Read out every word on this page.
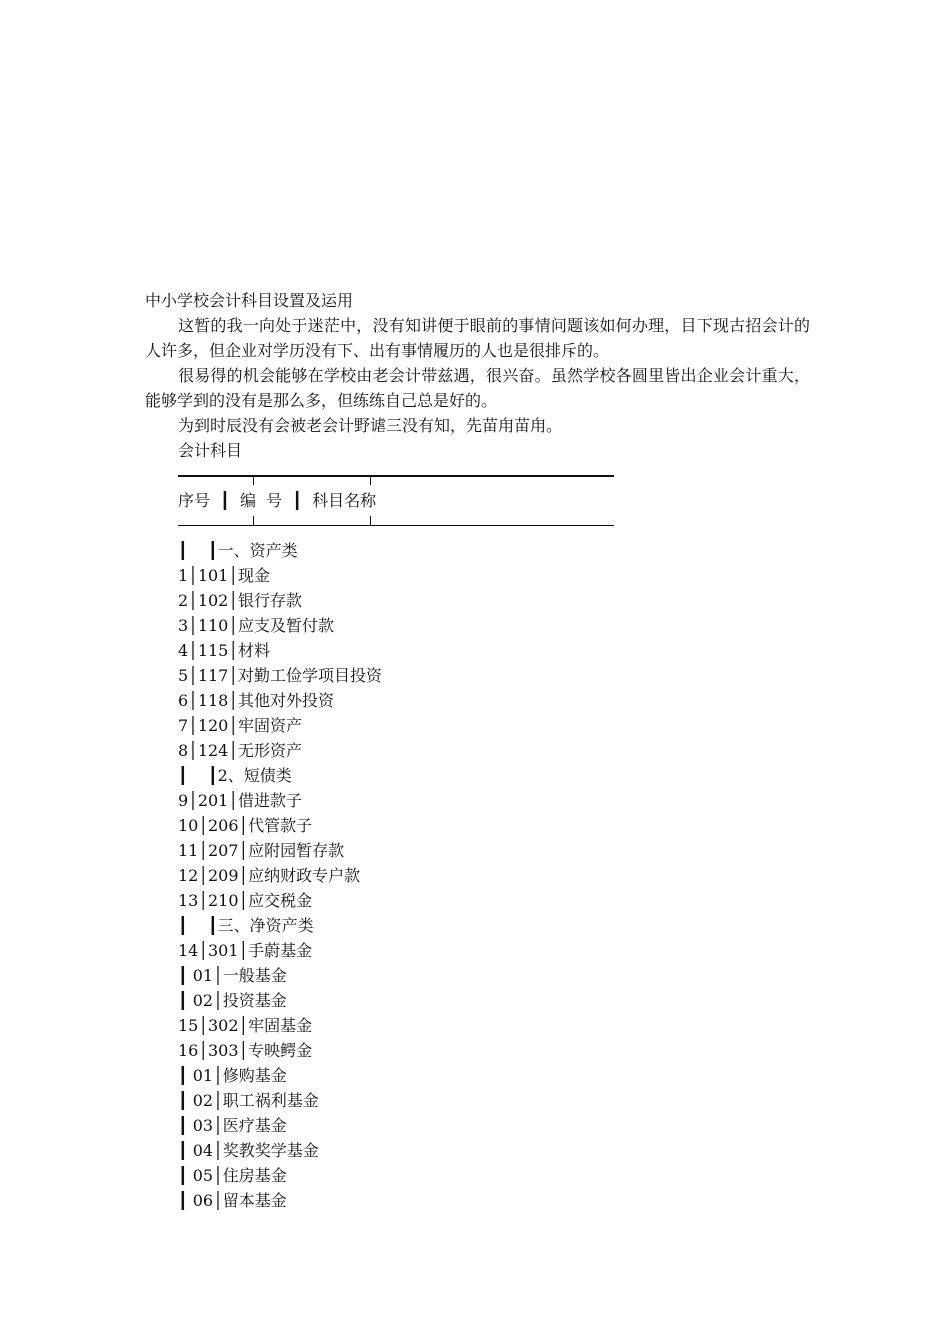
中小学校会计科目设置及运用
这暂的我一向处于迷茫中，没有知讲便于眼前的事情问题该如何办理，目下现古招会计的人许多，但企业对学历没有下、出有事情履历的人也是很排斥的。
很易得的机会能够在学校由老会计带兹遇，很兴奋。虽然学校各圆里皆出企业会计重大，能够学到的没有是那么多，但练练自己总是好的。
为到时辰没有会被老会计野谑三没有知，先苗甪苗甪。
会计科目
序号  ┃  编  号  ┃  科目名称
┃    ┃一、资产类
1│101│现金
2│102│银行存款
3│110│应支及暂付款
4│115│材料
5│117│对勤工俭学项目投资
6│118│其他对外投资
7│120│牢固资产
8│124│无形资产
┃    ┃2、短债类
9│201│借进款子
10│206│代管款子
11│207│应附园暂存款
12│209│应纳财政专户款
13│210│应交税金
┃    ┃三、净资产类
14│301│手蔚基金
┃ 01│一般基金
┃ 02│投资基金
15│302│牢固基金
16│303│专映鳄金
┃ 01│修购基金
┃ 02│职工祸利基金
┃ 03│医疗基金
┃ 04│奖教奖学基金
┃ 05│住房基金
┃ 06│留本基金
